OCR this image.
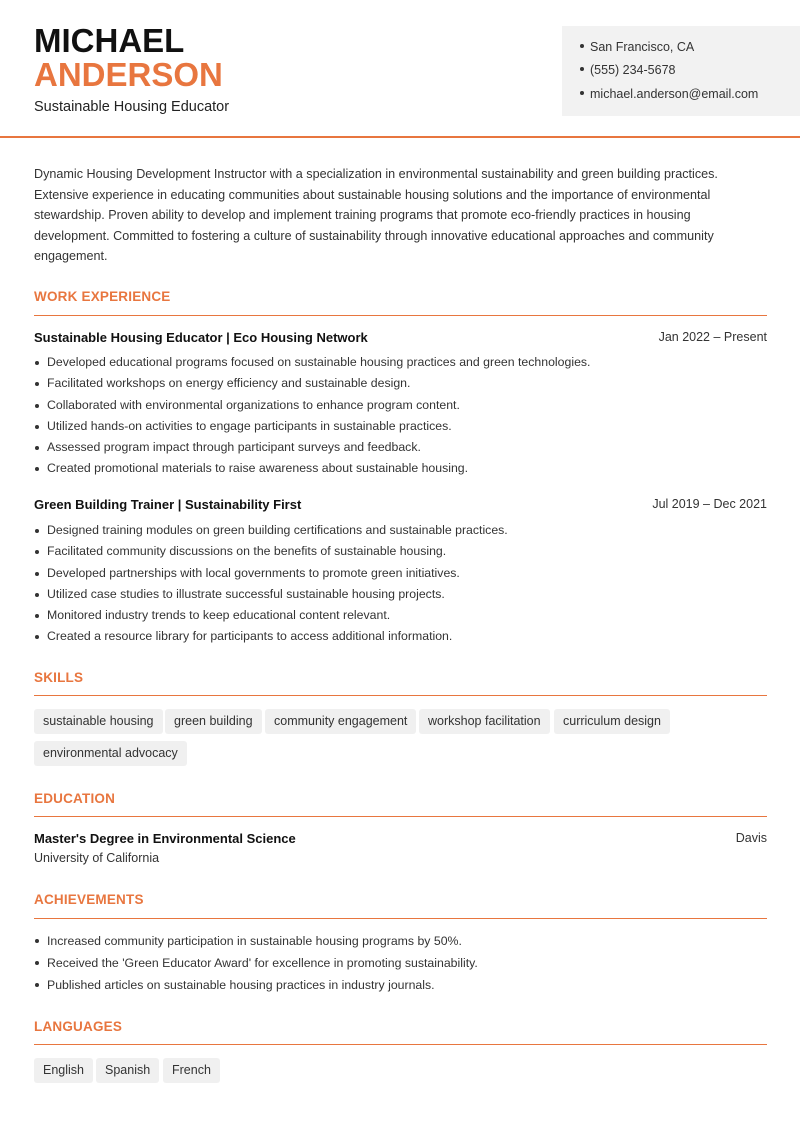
MICHAEL
ANDERSON
Sustainable Housing Educator
San Francisco, CA
(555) 234-5678
michael.anderson@email.com
Dynamic Housing Development Instructor with a specialization in environmental sustainability and green building practices. Extensive experience in educating communities about sustainable housing solutions and the importance of environmental stewardship. Proven ability to develop and implement training programs that promote eco-friendly practices in housing development. Committed to fostering a culture of sustainability through innovative educational approaches and community engagement.
WORK EXPERIENCE
Sustainable Housing Educator | Eco Housing Network	Jan 2022 – Present
Developed educational programs focused on sustainable housing practices and green technologies.
Facilitated workshops on energy efficiency and sustainable design.
Collaborated with environmental organizations to enhance program content.
Utilized hands-on activities to engage participants in sustainable practices.
Assessed program impact through participant surveys and feedback.
Created promotional materials to raise awareness about sustainable housing.
Green Building Trainer | Sustainability First	Jul 2019 – Dec 2021
Designed training modules on green building certifications and sustainable practices.
Facilitated community discussions on the benefits of sustainable housing.
Developed partnerships with local governments to promote green initiatives.
Utilized case studies to illustrate successful sustainable housing projects.
Monitored industry trends to keep educational content relevant.
Created a resource library for participants to access additional information.
SKILLS
sustainable housing	green building	community engagement	workshop facilitation	curriculum design
environmental advocacy
EDUCATION
Master's Degree in Environmental Science	Davis
University of California
ACHIEVEMENTS
Increased community participation in sustainable housing programs by 50%.
Received the 'Green Educator Award' for excellence in promoting sustainability.
Published articles on sustainable housing practices in industry journals.
LANGUAGES
English	Spanish	French
